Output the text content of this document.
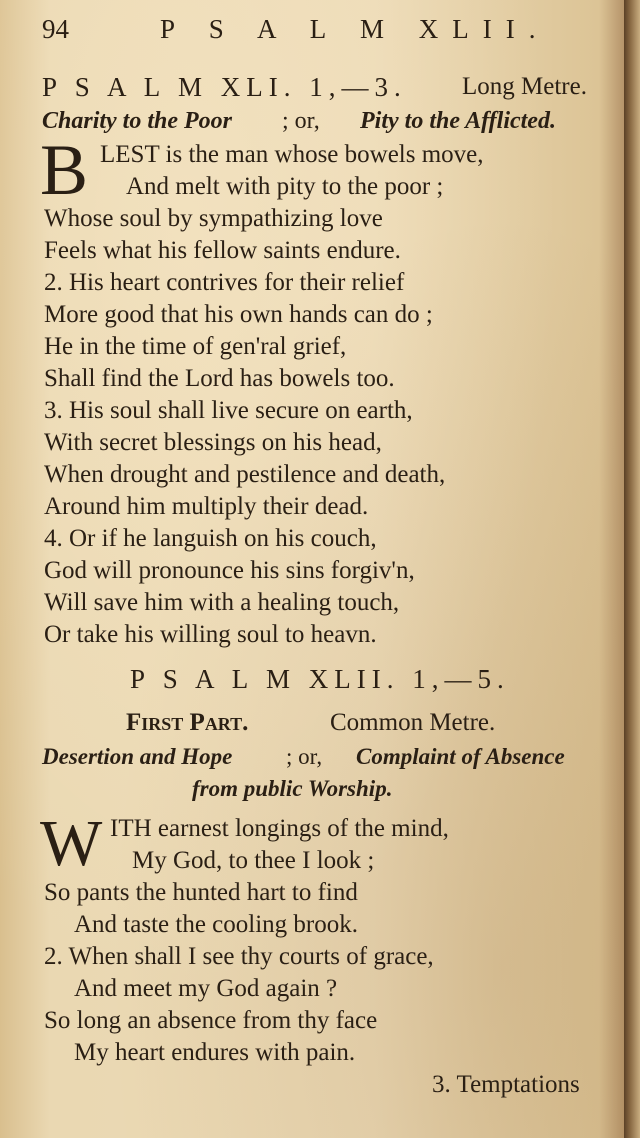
94	P S A L M XLII.
P S A L M XLI. 1,—3. Long Metre.
Charity to the Poor ; or, Pity to the Afflicted.
B LEST is the man whose bowels move,
And melt with pity to the poor ;
Whose soul by sympathizing love
Feels what his fellow saints endure.
2. His heart contrives for their relief
More good that his own hands can do ;
He in the time of gen'ral grief,
Shall find the Lord has bowels too.
3. His soul shall live secure on earth,
With secret blessings on his head,
When drought and pestilence and death,
Around him multiply their dead.
4. Or if he languish on his couch,
God will pronounce his sins forgiv'n,
Will save him with a healing touch,
Or take his willing soul to heavn.
P S A L M XLII. 1,—5.
First Part.	Common Metre.
Desertion and Hope ; or, Complaint of Absence
from public Worship.
W ITH earnest longings of the mind,
My God, to thee I look ;
So pants the hunted hart to find
And taste the cooling brook.
2. When shall I see thy courts of grace,
And meet my God again ?
So long an absence from thy face
My heart endures with pain.
3. Temptations
